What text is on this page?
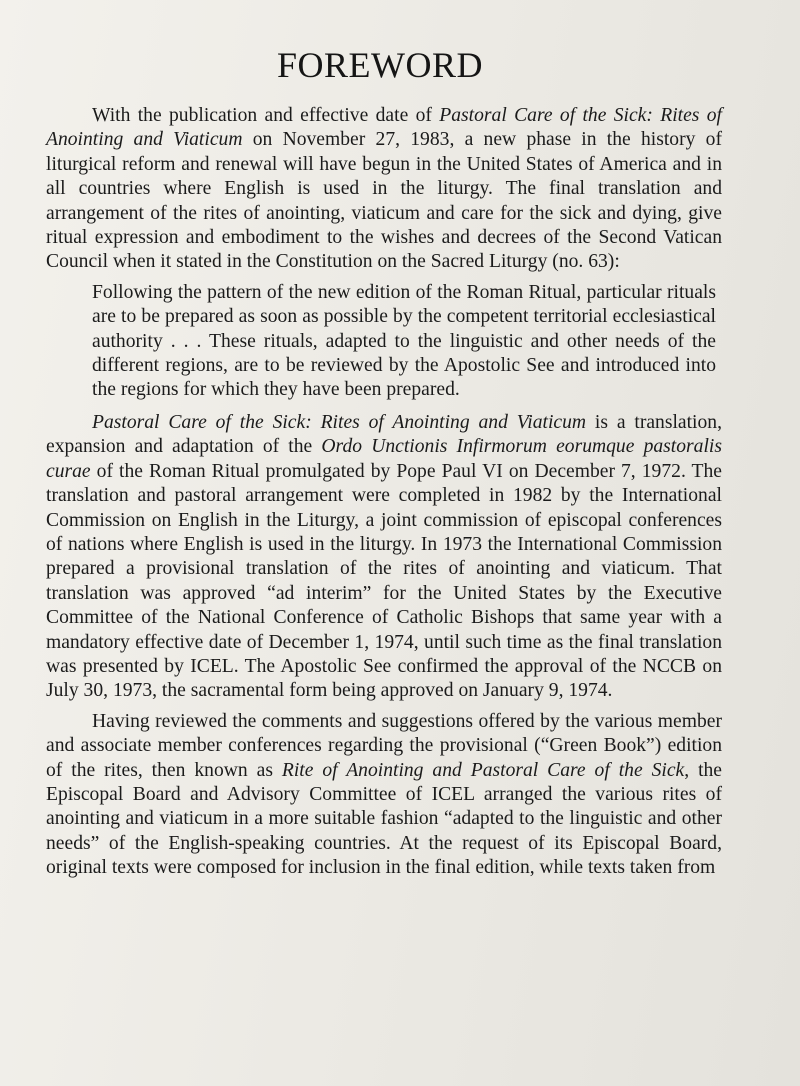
FOREWORD

With the publication and effective date of Pastoral Care of the Sick: Rites of Anointing and Viaticum on November 27, 1983, a new phase in the history of liturgical reform and renewal will have begun in the United States of America and in all countries where English is used in the liturgy. The final translation and arrangement of the rites of anointing, viaticum and care for the sick and dying, give ritual expression and embodiment to the wishes and decrees of the Second Vatican Council when it stated in the Constitution on the Sacred Liturgy (no. 63):

Following the pattern of the new edition of the Roman Ritual, particular rituals are to be prepared as soon as possible by the competent territorial ecclesiastical authority . . . These rituals, adapted to the linguistic and other needs of the different regions, are to be reviewed by the Apostolic See and introduced into the regions for which they have been prepared.

Pastoral Care of the Sick: Rites of Anointing and Viaticum is a translation, expansion and adaptation of the Ordo Unctionis Infirmorum eorumque pastoralis curae of the Roman Ritual promulgated by Pope Paul VI on December 7, 1972. The translation and pastoral arrangement were completed in 1982 by the International Commission on English in the Liturgy, a joint commission of episcopal conferences of nations where English is used in the liturgy. In 1973 the International Commission prepared a provisional translation of the rites of anointing and viaticum. That translation was approved “ad interim” for the United States by the Executive Committee of the National Conference of Catholic Bishops that same year with a mandatory effective date of December 1, 1974, until such time as the final translation was presented by ICEL. The Apostolic See confirmed the approval of the NCCB on July 30, 1973, the sacramental form being approved on January 9, 1974.

Having reviewed the comments and suggestions offered by the various member and associate member conferences regarding the provisional (“Green Book”) edition of the rites, then known as Rite of Anointing and Pastoral Care of the Sick, the Episcopal Board and Advisory Committee of ICEL arranged the various rites of anointing and viaticum in a more suitable fashion “adapted to the linguistic and other needs” of the English-speaking countries. At the request of its Episcopal Board, original texts were composed for inclusion in the final edition, while texts taken from
